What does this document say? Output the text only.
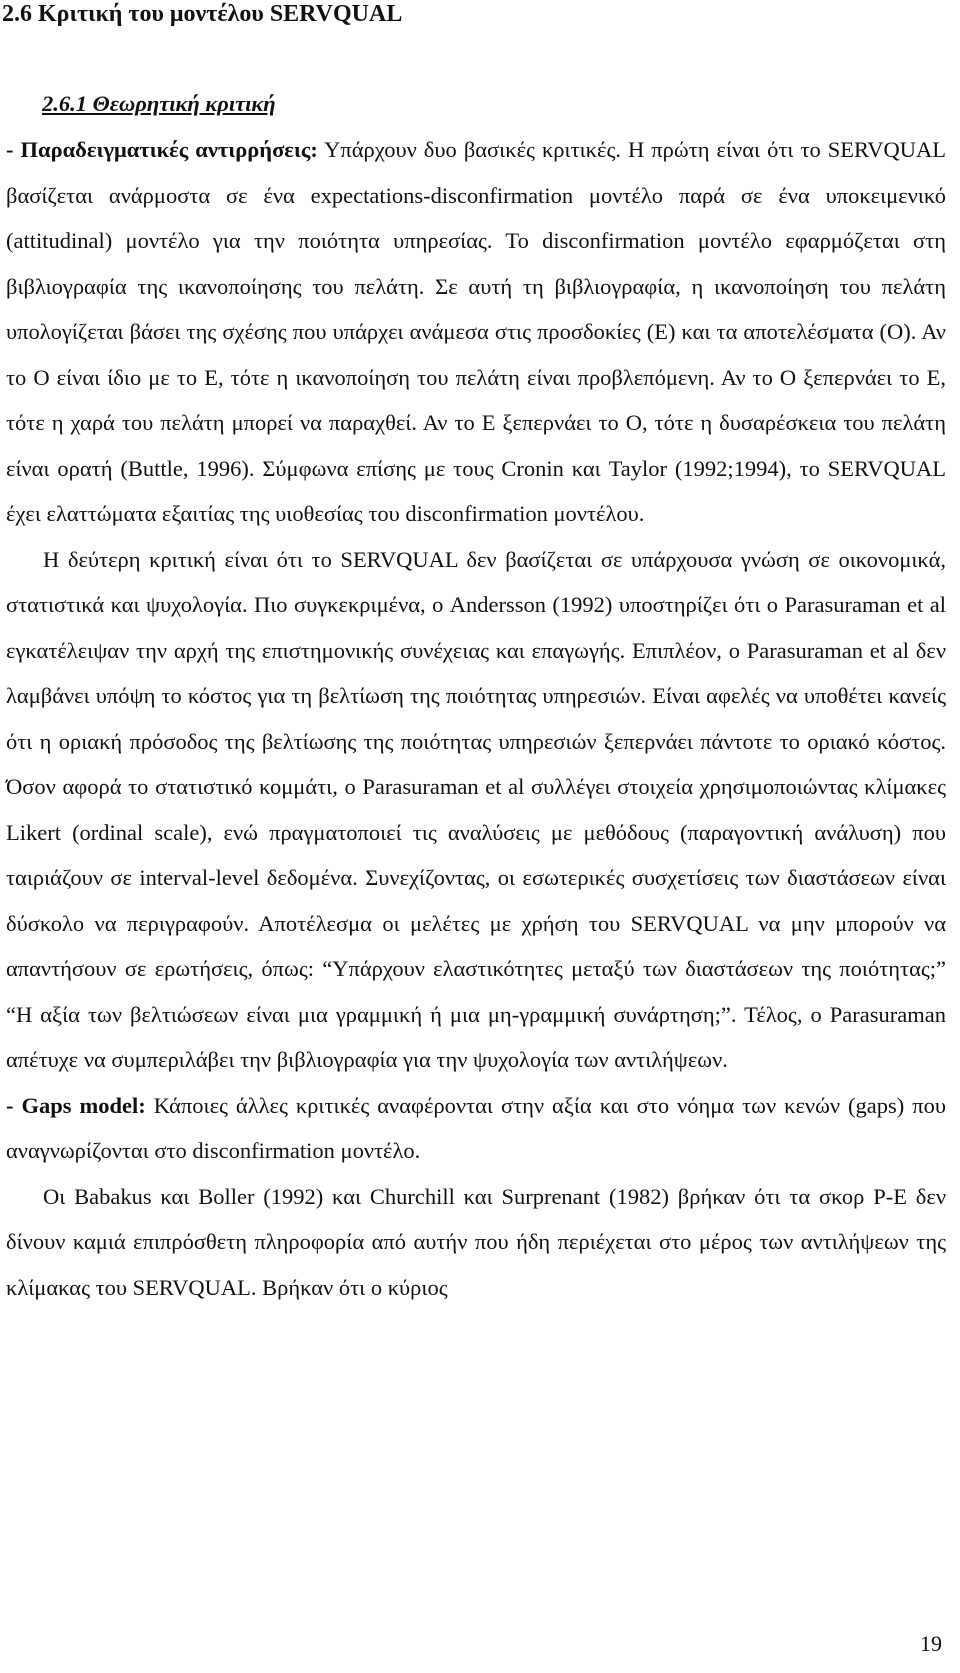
2.6 Κριτική του μοντέλου SERVQUAL
2.6.1 Θεωρητική κριτική

- Παραδειγματικές αντιρρήσεις: Υπάρχουν δυο βασικές κριτικές. Η πρώτη είναι ότι το SERVQUAL βασίζεται ανάρμοστα σε ένα expectations-disconfirmation μοντέλο παρά σε ένα υποκειμενικό (attitudinal) μοντέλο για την ποιότητα υπηρεσίας. Το disconfirmation μοντέλο εφαρμόζεται στη βιβλιογραφία της ικανοποίησης του πελάτη. Σε αυτή τη βιβλιογραφία, η ικανοποίηση του πελάτη υπολογίζεται βάσει της σχέσης που υπάρχει ανάμεσα στις προσδοκίες (Ε) και τα αποτελέσματα (Ο). Αν το Ο είναι ίδιο με το Ε, τότε η ικανοποίηση του πελάτη είναι προβλεπόμενη. Αν το Ο ξεπερνάει το Ε, τότε η χαρά του πελάτη μπορεί να παραχθεί. Αν το Ε ξεπερνάει το Ο, τότε η δυσαρέσκεια του πελάτη είναι ορατή (Buttle, 1996). Σύμφωνα επίσης με τους Cronin και Taylor (1992;1994), το SERVQUAL έχει ελαττώματα εξαιτίας της υιοθεσίας του disconfirmation μοντέλου.

Η δεύτερη κριτική είναι ότι το SERVQUAL δεν βασίζεται σε υπάρχουσα γνώση σε οικονομικά, στατιστικά και ψυχολογία. Πιο συγκεκριμένα, ο Andersson (1992) υποστηρίζει ότι ο Parasuraman et al εγκατέλειψαν την αρχή της επιστημονικής συνέχειας και επαγωγής. Επιπλέον, ο Parasuraman et al δεν λαμβάνει υπόψη το κόστος για τη βελτίωση της ποιότητας υπηρεσιών. Είναι αφελές να υποθέτει κανείς ότι η οριακή πρόσοδος της βελτίωσης της ποιότητας υπηρεσιών ξεπερνάει πάντοτε το οριακό κόστος. Όσον αφορά το στατιστικό κομμάτι, ο Parasuraman et al συλλέγει στοιχεία χρησιμοποιώντας κλίμακες Likert (ordinal scale), ενώ πραγματοποιεί τις αναλύσεις με μεθόδους (παραγοντική ανάλυση) που ταιριάζουν σε interval-level δεδομένα. Συνεχίζοντας, οι εσωτερικές συσχετίσεις των διαστάσεων είναι δύσκολο να περιγραφούν. Αποτέλεσμα οι μελέτες με χρήση του SERVQUAL να μην μπορούν να απαντήσουν σε ερωτήσεις, όπως: “Υπάρχουν ελαστικότητες μεταξύ των διαστάσεων της ποιότητας;” “Η αξία των βελτιώσεων είναι μια γραμμική ή μια μη-γραμμική συνάρτηση;”. Τέλος, ο Parasuraman απέτυχε να συμπεριλάβει την βιβλιογραφία για την ψυχολογία των αντιλήψεων.

- Gaps model: Κάποιες άλλες κριτικές αναφέρονται στην αξία και στο νόημα των κενών (gaps) που αναγνωρίζονται στο disconfirmation μοντέλο.

Οι Babakus και Boller (1992) και Churchill και Surprenant (1982) βρήκαν ότι τα σκορ P-E δεν δίνουν καμιά επιπρόσθετη πληροφορία από αυτήν που ήδη περιέχεται στο μέρος των αντιλήψεων της κλίμακας του SERVQUAL. Βρήκαν ότι ο κύριος

19
